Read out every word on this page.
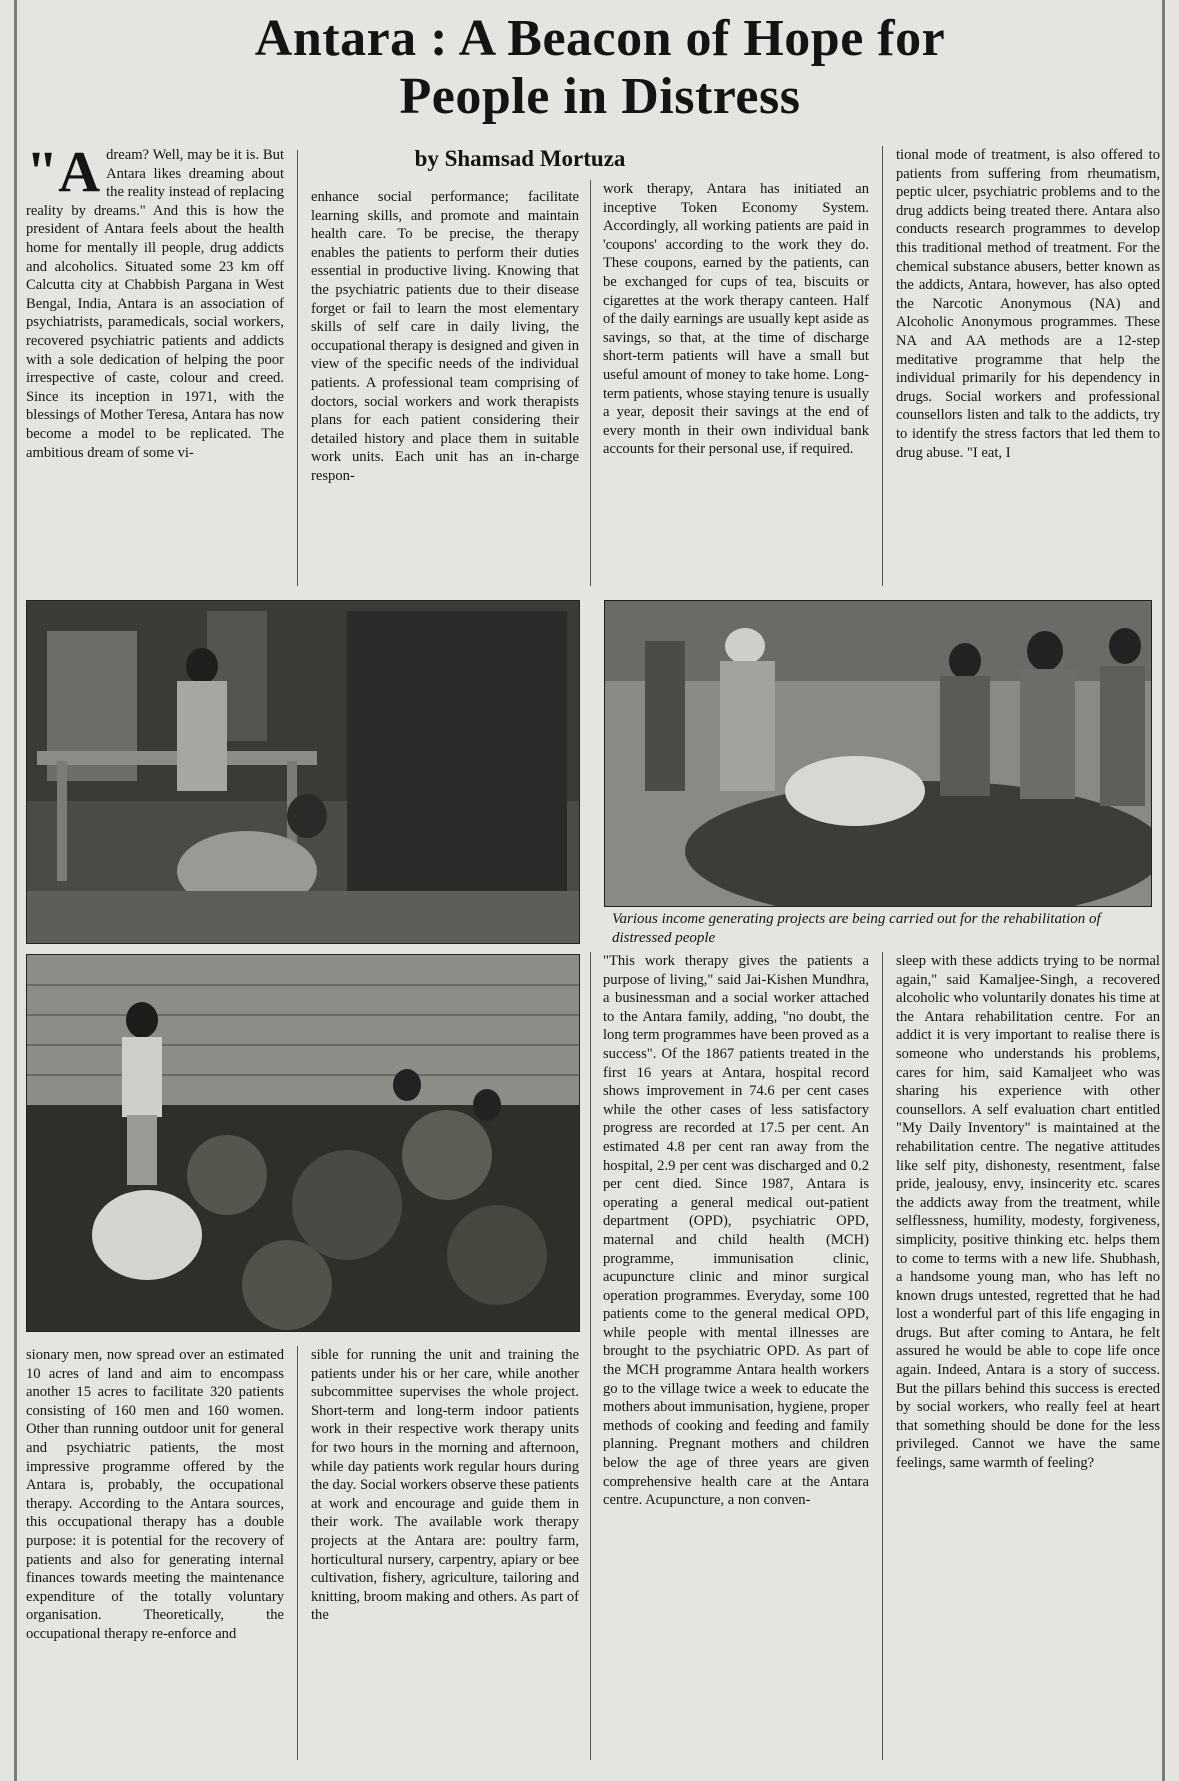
Antara : A Beacon of Hope for People in Distress
by Shamsad Mortuza
"A dream? Well, may be it is. But Antara likes dreaming about the reality instead of replacing reality by dreams." And this is how the president of Antara feels about the health home for mentally ill people, drug addicts and alcoholics. Situated some 23 km off Calcutta city at Chabbish Pargana in West Bengal, India, Antara is an association of psychiatrists, paramedicals, social workers, recovered psychiatric patients and addicts with a sole dedication of helping the poor irrespective of caste, colour and creed. Since its inception in 1971, with the blessings of Mother Teresa, Antara has now become a model to be replicated. The ambitious dream of some vi-
enhance social performance; facilitate learning skills, and promote and maintain health care. To be precise, the therapy enables the patients to perform their duties essential in productive living. Knowing that the psychiatric patients due to their disease forget or fail to learn the most elementary skills of self care in daily living, the occupational therapy is designed and given in view of the specific needs of the individual patients. A professional team comprising of doctors, social workers and work therapists plans for each patient considering their detailed history and place them in suitable work units. Each unit has an in-charge respon-
work therapy, Antara has initiated an inceptive Token Economy System. Accordingly, all working patients are paid in 'coupons' according to the work they do. These coupons, earned by the patients, can be exchanged for cups of tea, biscuits or cigarettes at the work therapy canteen. Half of the daily earnings are usually kept aside as savings, so that, at the time of discharge short-term patients will have a small but useful amount of money to take home. Long-term patients, whose staying tenure is usually a year, deposit their savings at the end of every month in their own individual bank accounts for their personal use, if required.
tional mode of treatment, is also offered to patients from suffering from rheumatism, peptic ulcer, psychiatric problems and to the drug addicts being treated there. Antara also conducts research programmes to develop this traditional method of treatment. For the chemical substance abusers, better known as the addicts, Antara, however, has also opted the Narcotic Anonymous (NA) and Alcoholic Anonymous programmes. These NA and AA methods are a 12-step meditative programme that help the individual primarily for his dependency in drugs. Social workers and professional counsellors listen and talk to the addicts, try to identify the stress factors that led them to drug abuse. "I eat, I

Various income generating projects are being carried out for the rehabilitation of distressed people

"This work therapy gives the patients a purpose of living," said Jai-Kishen Mundhra, a businessman and a social worker attached to the Antara family, adding, "no doubt, the long term programmes have been proved as a success". Of the 1867 patients treated in the first 16 years at Antara, hospital record shows improvement in 74.6 per cent cases while the other cases of less satisfactory progress are recorded at 17.5 per cent. An estimated 4.8 per cent ran away from the hospital, 2.9 per cent was discharged and 0.2 per cent died. Since 1987, Antara is operating a general medical out-patient department (OPD), psychiatric OPD, maternal and child health (MCH) programme, immunisation clinic, acupuncture clinic and minor surgical operation programmes. Everyday, some 100 patients come to the general medical OPD, while people with mental illnesses are brought to the psychiatric OPD. As part of the MCH programme Antara health workers go to the village twice a week to educate the mothers about immunisation, hygiene, proper methods of cooking and feeding and family planning. Pregnant mothers and children below the age of three years are given comprehensive health care at the Antara centre. Acupuncture, a non conven-
sleep with these addicts trying to be normal again," said Kamaljee-Singh, a recovered alcoholic who voluntarily donates his time at the Antara rehabilitation centre. For an addict it is very important to realise there is someone who understands his problems, cares for him, said Kamaljeet who was sharing his experience with other counsellors. A self evaluation chart entitled "My Daily Inventory" is maintained at the rehabilitation centre. The negative attitudes like self pity, dishonesty, resentment, false pride, jealousy, envy, insincerity etc. scares the addicts away from the treatment, while selflessness, humility, modesty, forgiveness, simplicity, positive thinking etc. helps them to come to terms with a new life. Shubhash, a handsome young man, who has left no known drugs untested, regretted that he had lost a wonderful part of this life engaging in drugs. But after coming to Antara, he felt assured he would be able to cope life once again. Indeed, Antara is a story of success. But the pillars behind this success is erected by social workers, who really feel at heart that something should be done for the less privileged. Cannot we have the same feelings, same warmth of feeling?
sionary men, now spread over an estimated 10 acres of land and aim to encompass another 15 acres to facilitate 320 patients consisting of 160 men and 160 women. Other than running outdoor unit for general and psychiatric patients, the most impressive programme offered by the Antara is, probably, the occupational therapy. According to the Antara sources, this occupational therapy has a double purpose: it is potential for the recovery of patients and also for generating internal finances towards meeting the maintenance expenditure of the totally voluntary organisation. Theoretically, the occupational therapy re-enforce and
sible for running the unit and training the patients under his or her care, while another subcommittee supervises the whole project. Short-term and long-term indoor patients work in their respective work therapy units for two hours in the morning and afternoon, while day patients work regular hours during the day. Social workers observe these patients at work and encourage and guide them in their work. The available work therapy projects at the Antara are: poultry farm, horticultural nursery, carpentry, apiary or bee cultivation, fishery, agriculture, tailoring and knitting, broom making and others. As part of the
